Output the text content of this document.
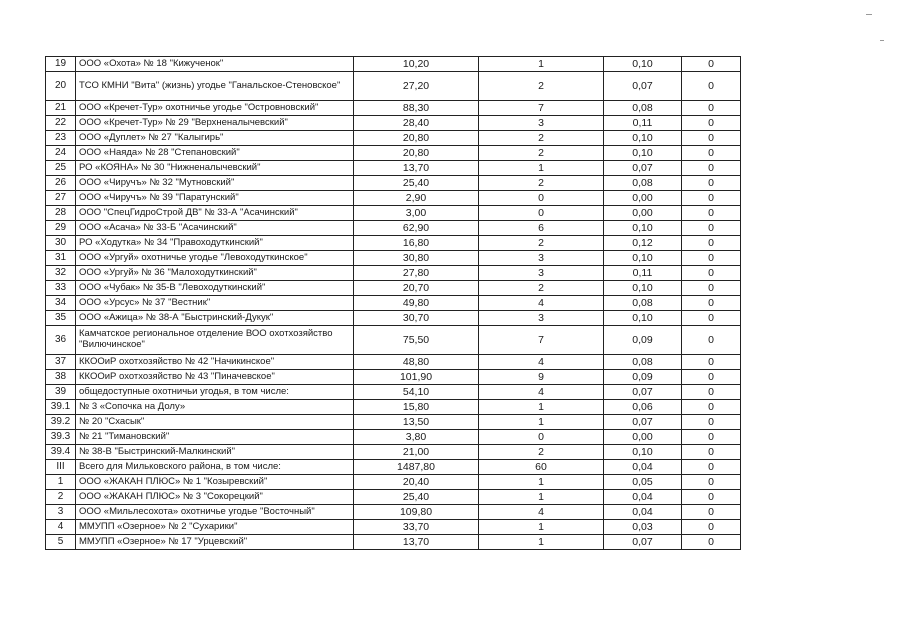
19	ООО «Охота» № 18 "Кижученок"	10,20	1	0,10	0
20	ТСО КМНИ "Вита" (жизнь) угодье "Ганальское-Стеновское"	27,20	2	0,07	0
21	ООО «Кречет-Тур» охотничье угодье "Островновский"	88,30	7	0,08	0
22	ООО «Кречет-Тур» № 29 "Верхненалычевский"	28,40	3	0,11	0
23	ООО «Дуплет» № 27 "Калыгирь"	20,80	2	0,10	0
24	ООО «Наяда» № 28 "Степановский"	20,80	2	0,10	0
25	РО «КОЯНА» № 30 "Нижненалычевский"	13,70	1	0,07	0
26	ООО «Чиручъ» № 32 "Мутновский"	25,40	2	0,08	0
27	ООО «Чиручъ» № 39 "Паратунский"	2,90	0	0,00	0
28	ООО "СпецГидроСтрой ДВ" № 33-А "Асачинский"	3,00	0	0,00	0
29	ООО «Асача» № 33-Б "Асачинский"	62,90	6	0,10	0
30	РО «Ходутка» № 34 "Правоходуткинский"	16,80	2	0,12	0
31	ООО «Ургуй» охотничье угодье "Левоходуткинское"	30,80	3	0,10	0
32	ООО «Ургуй» № 36 "Малоходуткинский"	27,80	3	0,11	0
33	ООО «Чубак» № 35-В "Левоходуткинский"	20,70	2	0,10	0
34	ООО «Урсус» № 37 "Вестник"	49,80	4	0,08	0
35	ООО «Ажица» № 38-А "Быстринский-Дукук"	30,70	3	0,10	0
36	Камчатское региональное отделение ВОО охотхозяйство "Вилючинское"	75,50	7	0,09	0
37	ККООиР охотхозяйство № 42 "Начикинское"	48,80	4	0,08	0
38	ККООиР охотхозяйство № 43 "Пиначевское"	101,90	9	0,09	0
39	общедоступные охотничьи угодья, в том числе:	54,10	4	0,07	0
39.1	№ 3 «Сопочка на Долу»	15,80	1	0,06	0
39.2	№ 20 "Схасык"	13,50	1	0,07	0
39.3	№ 21 "Тимановский"	3,80	0	0,00	0
39.4	№ 38-В "Быстринский-Малкинский"	21,00	2	0,10	0
III	Всего для Мильковского района, в том числе:	1487,80	60	0,04	0
1	ООО «ЖАКАН ПЛЮС» № 1 "Козыревский"	20,40	1	0,05	0
2	ООО «ЖАКАН ПЛЮС» № 3 "Сокорецкий"	25,40	1	0,04	0
3	ООО «Мильлесохота» охотничье угодье "Восточный"	109,80	4	0,04	0
4	ММУПП «Озерное» № 2 "Сухарики"	33,70	1	0,03	0
5	ММУПП «Озерное» № 17 "Урцевский"	13,70	1	0,07	0
